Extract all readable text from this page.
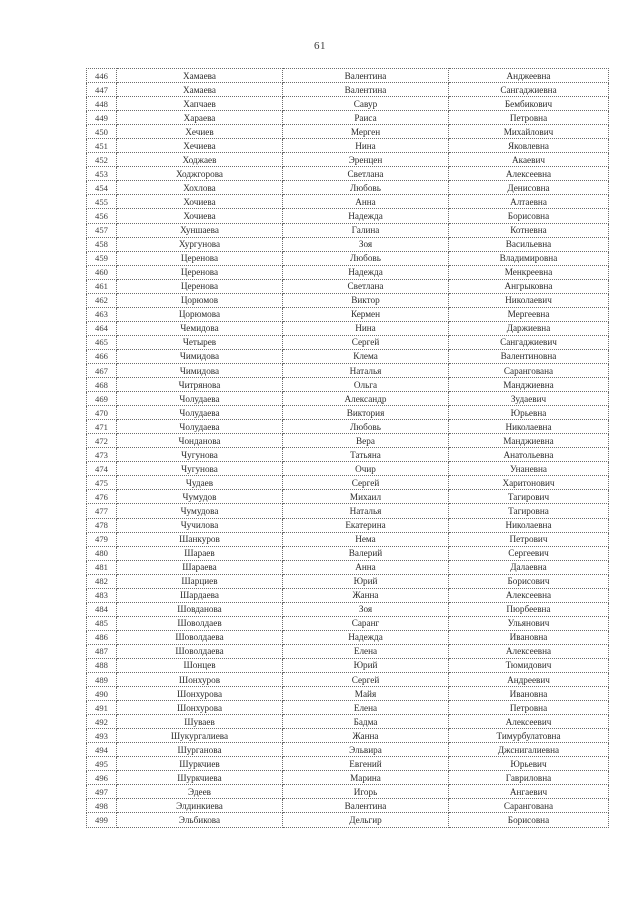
61
446	Хамаева	Валентина	Анджеевна
447	Хамаева	Валентина	Сангаджиевна
448	Хапчаев	Савур	Бембикович
449	Хараева	Раиса	Петровна
450	Хечиев	Мерген	Михайлович
451	Хечиева	Нина	Яковлевна
452	Ходжаев	Эренцен	Акаевич
453	Ходжгорова	Светлана	Алексеевна
454	Хохлова	Любовь	Денисовна
455	Хочиева	Анна	Алтаевна
456	Хочиева	Надежда	Борисовна
457	Хуншаева	Галина	Котневна
458	Хургунова	Зоя	Васильевна
459	Церенова	Любовь	Владимировна
460	Церенова	Надежда	Менкреевна
461	Церенова	Светлана	Ангрыковна
462	Цорюмов	Виктор	Николаевич
463	Цорюмова	Кермен	Мергеевна
464	Чемидова	Нина	Даржиевна
465	Четырев	Сергей	Сангаджиевич
466	Чимидова	Клема	Валентиновна
467	Чимидова	Наталья	Сарангована
468	Читрянова	Ольга	Манджиевна
469	Чолудаева	Александр	Зудаевич
470	Чолудаева	Виктория	Юрьевна
471	Чолудаева	Любовь	Николаевна
472	Чонданова	Вера	Манджиевна
473	Чугунова	Татьяна	Анатольевна
474	Чугунова	Очир	Унаневна
475	Чудаев	Сергей	Харитонович
476	Чумудов	Михаил	Тагирович
477	Чумудова	Наталья	Тагировна
478	Чучилова	Екатерина	Николаевна
479	Шанкуров	Нема	Петрович
480	Шараев	Валерий	Сергеевич
481	Шараева	Анна	Далаевна
482	Шарциев	Юрий	Борисович
483	Шардаева	Жанна	Алексеевна
484	Шовданова	Зоя	Пюрбеевна
485	Шоволдаев	Саранг	Ульянович
486	Шоволдаева	Надежда	Ивановна
487	Шоволдаева	Елена	Алексеевна
488	Шонцев	Юрий	Тюмидович
489	Шонхуров	Сергей	Андреевич
490	Шонхурова	Майя	Ивановна
491	Шонхурова	Елена	Петровна
492	Шуваев	Бадма	Алексеевич
493	Шукургалиева	Жанна	Тимурбулатовна
494	Шурганова	Эльвира	Джснигалиевна
495	Шуркчиев	Евгений	Юрьевич
496	Шуркчиева	Марина	Гавриловна
497	Эдеев	Игорь	Ангаевич
498	Элдинкиева	Валентина	Сарангована
499	Эльбикова	Дельгир	Борисовна
